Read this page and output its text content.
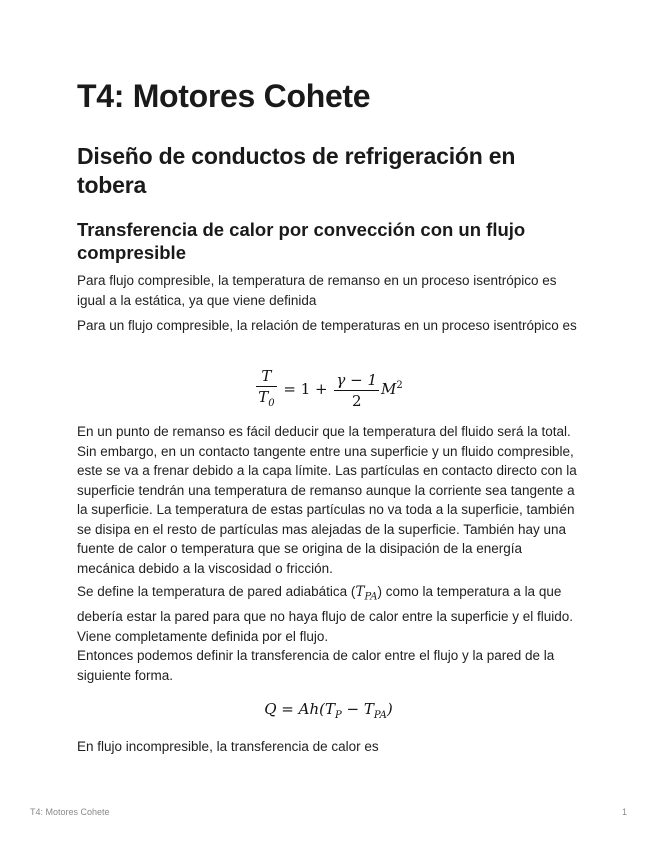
T4: Motores Cohete
Diseño de conductos de refrigeración en tobera
Transferencia de calor por convección con un flujo compresible

Para flujo compresible, la temperatura de remanso en un proceso isentrópico es igual a la estática, ya que viene definida

Para un flujo compresible, la relación de temperaturas en un proceso isentrópico es

$\frac{T}{T_0} = 1 + \frac{\gamma - 1}{2} M^2$

En un punto de remanso es fácil deducir que la temperatura del fluido será la total. Sin embargo, en un contacto tangente entre una superficie y un fluido compresible, este se va a frenar debido a la capa límite. Las partículas en contacto directo con la superficie tendrán una temperatura de remanso aunque la corriente sea tangente a la superficie. La temperatura de estas partículas no va toda a la superficie, también se disipa en el resto de partículas mas alejadas de la superficie. También hay una fuente de calor o temperatura que se origina de la disipación de la energía mecánica debido a la viscosidad o fricción.

Se define la temperatura de pared adiabática $(T_{PA})$ como la temperatura a la que debería estar la pared para que no haya flujo de calor entre la superficie y el fluido. Viene completamente definida por el flujo.

Entonces podemos definir la transferencia de calor entre el flujo y la pared de la siguiente forma.

$Q = Ah(T_P - T_{PA})$

En flujo incompresible, la transferencia de calor es

T4: Motores Cohete	1
